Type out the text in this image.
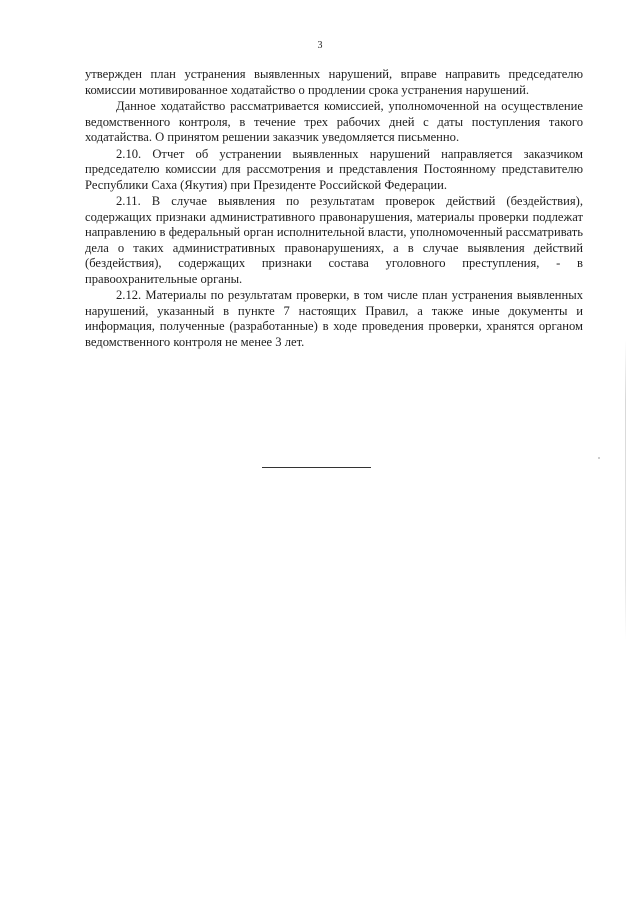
3

утвержден план устранения выявленных нарушений, вправе направить председателю комиссии мотивированное ходатайство о продлении срока устранения нарушений.

Данное ходатайство рассматривается комиссией, уполномоченной на осуществление ведомственного контроля, в течение трех рабочих дней с даты поступления такого ходатайства. О принятом решении заказчик уведомляется письменно.

2.10. Отчет об устранении выявленных нарушений направляется заказчиком председателю комиссии для рассмотрения и представления Постоянному представителю Республики Саха (Якутия) при Президенте Российской Федерации.

2.11. В случае выявления по результатам проверок действий (бездействия), содержащих признаки административного правонарушения, материалы проверки подлежат направлению в федеральный орган исполнительной власти, уполномоченный рассматривать дела о таких административных правонарушениях, а в случае выявления действий (бездействия), содержащих признаки состава уголовного преступления, - в правоохранительные органы.

2.12. Материалы по результатам проверки, в том числе план устранения выявленных нарушений, указанный в пункте 7 настоящих Правил, а также иные документы и информация, полученные (разработанные) в ходе проведения проверки, хранятся органом ведомственного контроля не менее 3 лет.
